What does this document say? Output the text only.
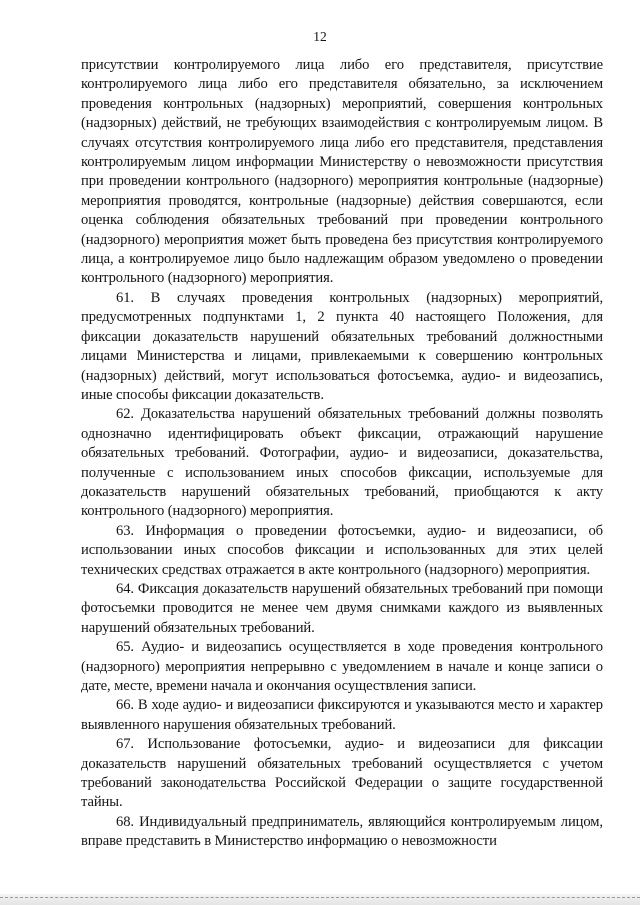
12

присутствии контролируемого лица либо его представителя, присутствие контролируемого лица либо его представителя обязательно, за исключением проведения контрольных (надзорных) мероприятий, совершения контрольных (надзорных) действий, не требующих взаимодействия с контролируемым лицом. В случаях отсутствия контролируемого лица либо его представителя, представления контролируемым лицом информации Министерству о невозможности присутствия при проведении контрольного (надзорного) мероприятия контрольные (надзорные) мероприятия проводятся, контрольные (надзорные) действия совершаются, если оценка соблюдения обязательных требований при проведении контрольного (надзорного) мероприятия может быть проведена без присутствия контролируемого лица, а контролируемое лицо было надлежащим образом уведомлено о проведении контрольного (надзорного) мероприятия.

61. В случаях проведения контрольных (надзорных) мероприятий, предусмотренных подпунктами 1, 2 пункта 40 настоящего Положения, для фиксации доказательств нарушений обязательных требований должностными лицами Министерства и лицами, привлекаемыми к совершению контрольных (надзорных) действий, могут использоваться фотосъемка, аудио- и видеозапись, иные способы фиксации доказательств.

62. Доказательства нарушений обязательных требований должны позволять однозначно идентифицировать объект фиксации, отражающий нарушение обязательных требований. Фотографии, аудио- и видеозаписи, доказательства, полученные с использованием иных способов фиксации, используемые для доказательств нарушений обязательных требований, приобщаются к акту контрольного (надзорного) мероприятия.

63. Информация о проведении фотосъемки, аудио- и видеозаписи, об использовании иных способов фиксации и использованных для этих целей технических средствах отражается в акте контрольного (надзорного) мероприятия.

64. Фиксация доказательств нарушений обязательных требований при помощи фотосъемки проводится не менее чем двумя снимками каждого из выявленных нарушений обязательных требований.

65. Аудио- и видеозапись осуществляется в ходе проведения контрольного (надзорного) мероприятия непрерывно с уведомлением в начале и конце записи о дате, месте, времени начала и окончания осуществления записи.

66. В ходе аудио- и видеозаписи фиксируются и указываются место и характер выявленного нарушения обязательных требований.

67. Использование фотосъемки, аудио- и видеозаписи для фиксации доказательств нарушений обязательных требований осуществляется с учетом требований законодательства Российской Федерации о защите государственной тайны.

68. Индивидуальный предприниматель, являющийся контролируемым лицом, вправе представить в Министерство информацию о невозможности
